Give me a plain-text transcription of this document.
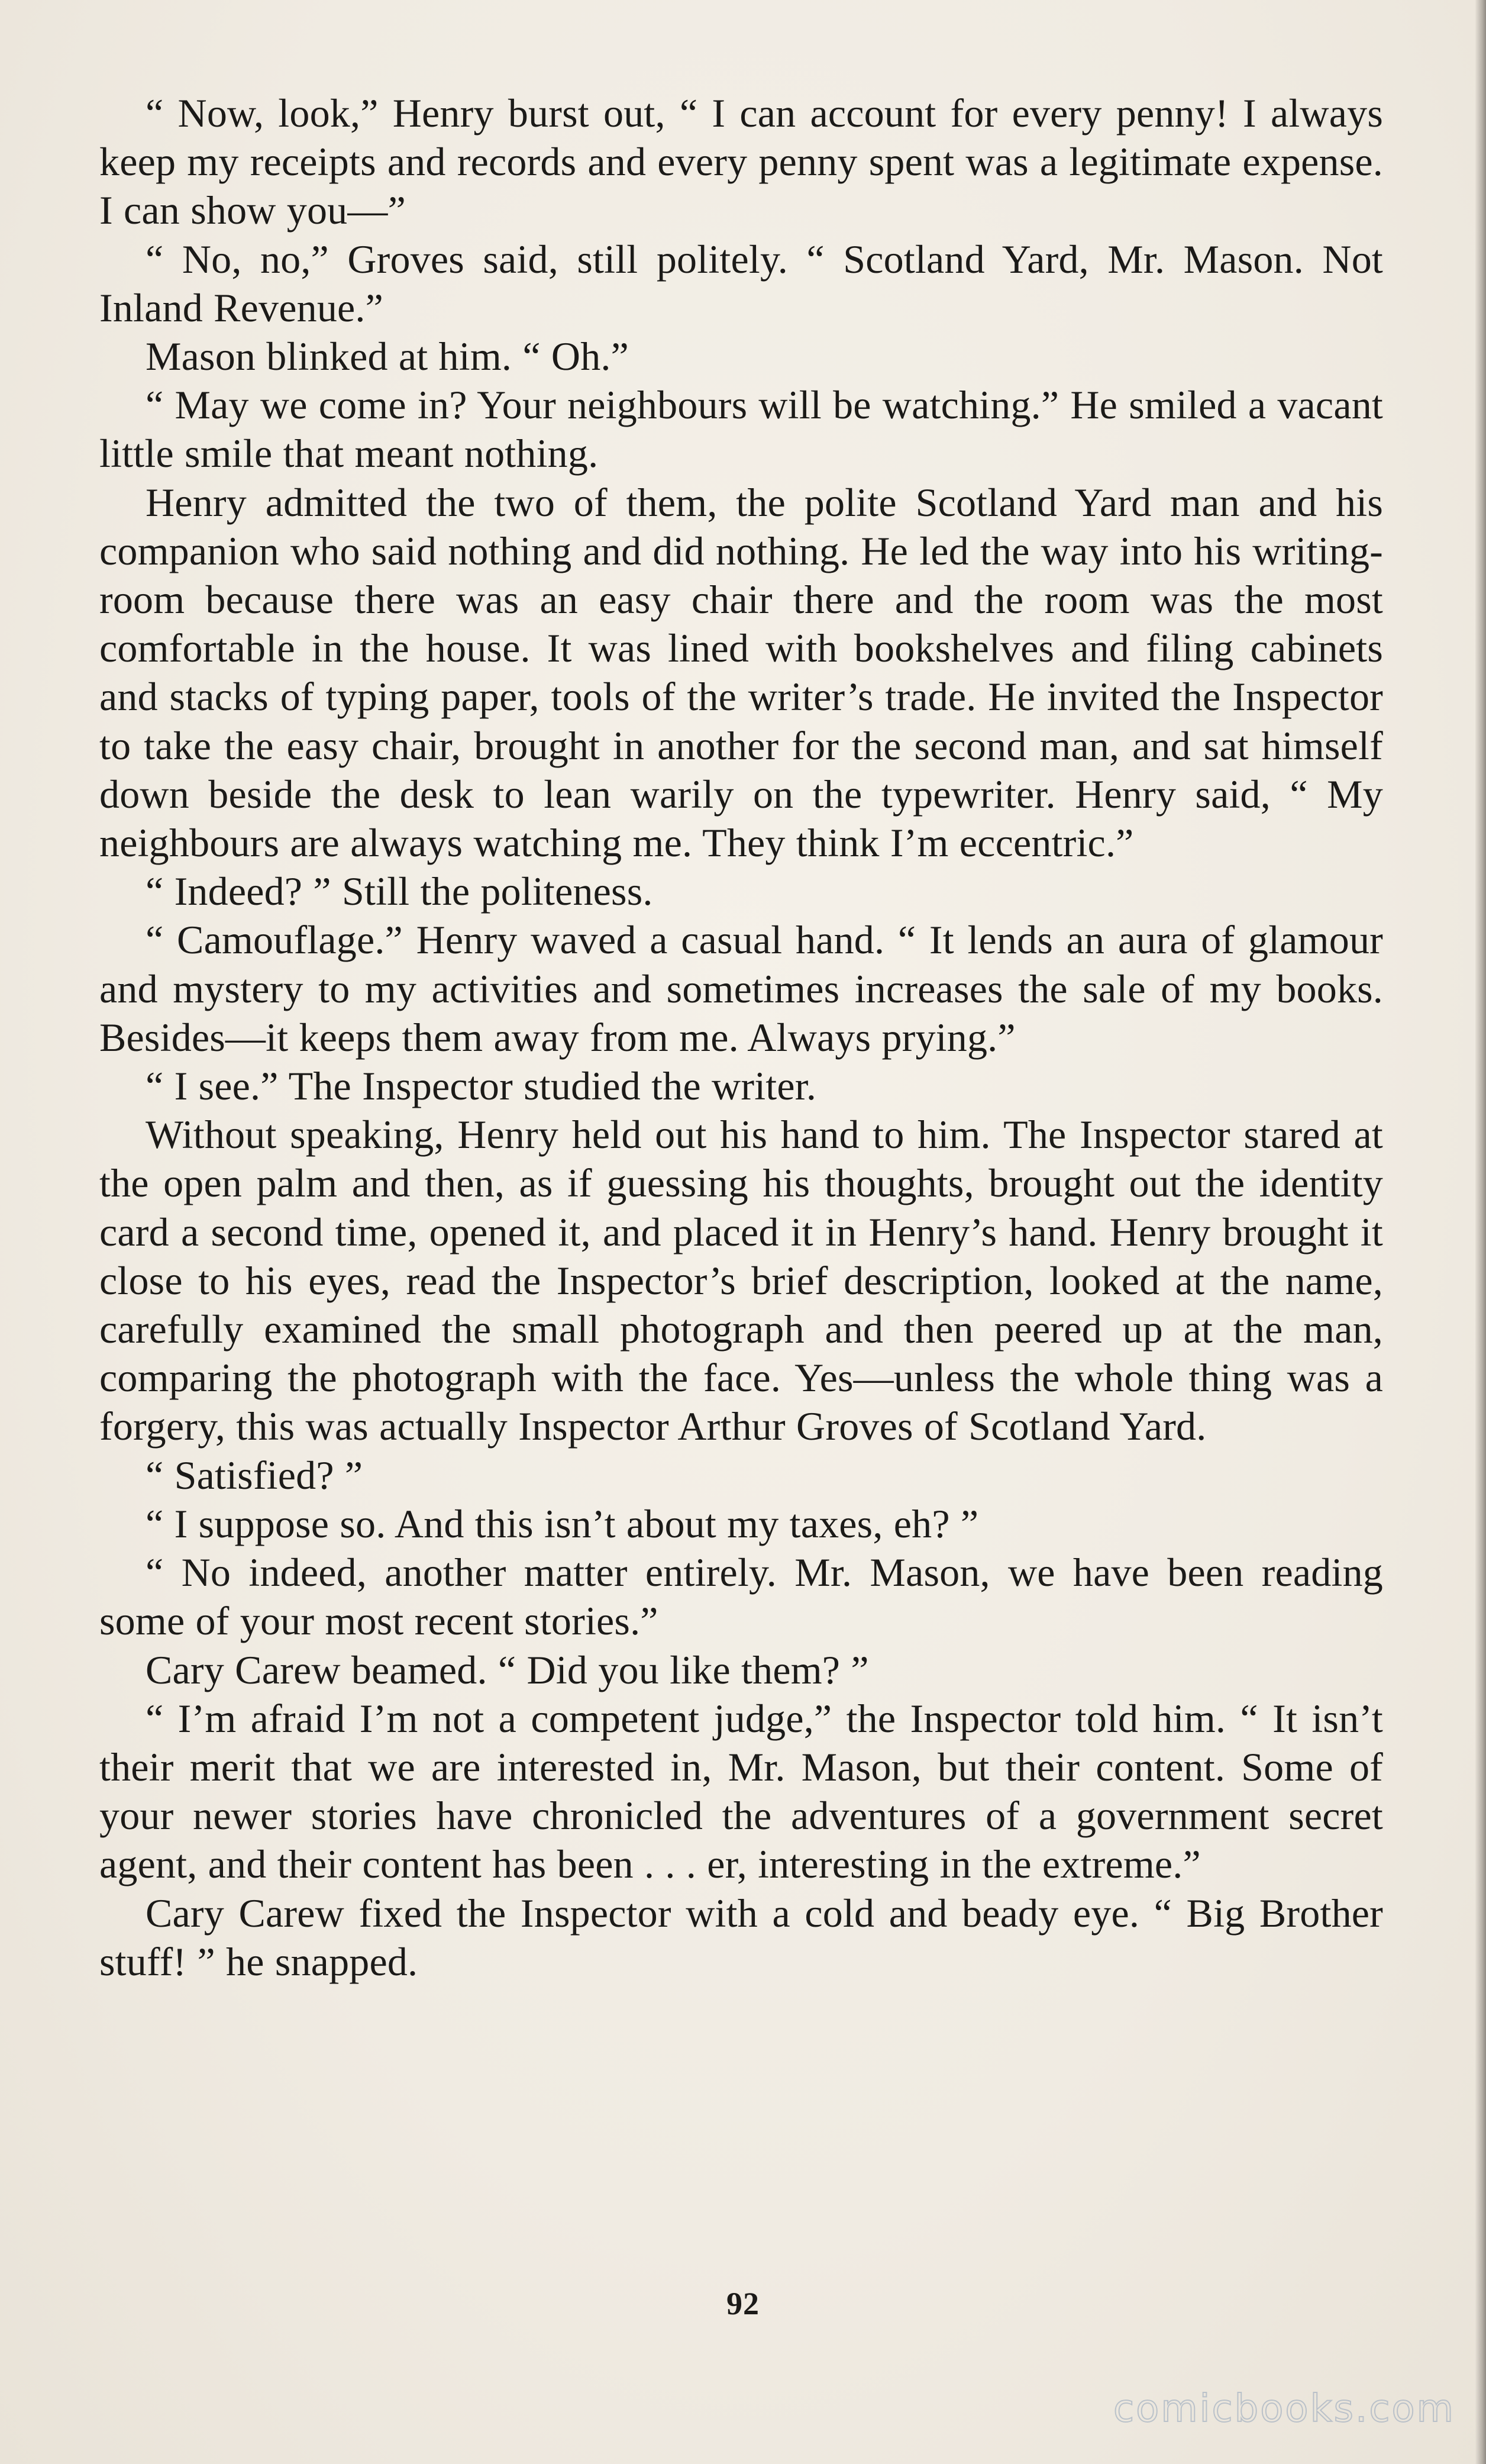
“ Now, look,” Henry burst out, “ I can account for every penny! I always keep my receipts and records and every penny spent was a legitimate expense. I can show you—”

“ No, no,” Groves said, still politely. “ Scotland Yard, Mr. Mason. Not Inland Revenue.”

Mason blinked at him. “ Oh.”

“ May we come in? Your neighbours will be watching.” He smiled a vacant little smile that meant nothing.

Henry admitted the two of them, the polite Scotland Yard man and his companion who said nothing and did nothing. He led the way into his writing-room because there was an easy chair there and the room was the most comfortable in the house. It was lined with bookshelves and filing cabinets and stacks of typing paper, tools of the writer’s trade. He invited the Inspector to take the easy chair, brought in another for the second man, and sat himself down beside the desk to lean warily on the typewriter. Henry said, “ My neighbours are always watching me. They think I’m eccentric.”

“ Indeed? ” Still the politeness.

“ Camouflage.” Henry waved a casual hand. “ It lends an aura of glamour and mystery to my activities and sometimes increases the sale of my books. Besides—it keeps them away from me. Always prying.”

“ I see.” The Inspector studied the writer.

Without speaking, Henry held out his hand to him. The Inspector stared at the open palm and then, as if guessing his thoughts, brought out the identity card a second time, opened it, and placed it in Henry’s hand. Henry brought it close to his eyes, read the Inspector’s brief description, looked at the name, carefully examined the small photograph and then peered up at the man, comparing the photograph with the face. Yes—unless the whole thing was a forgery, this was actually Inspector Arthur Groves of Scotland Yard.

“ Satisfied? ”

“ I suppose so. And this isn’t about my taxes, eh? ”

“ No indeed, another matter entirely. Mr. Mason, we have been reading some of your most recent stories.”

Cary Carew beamed. “ Did you like them? ”

“ I’m afraid I’m not a competent judge,” the Inspector told him. “ It isn’t their merit that we are interested in, Mr. Mason, but their content. Some of your newer stories have chronicled the adventures of a government secret agent, and their content has been . . . er, interesting in the extreme.”

Cary Carew fixed the Inspector with a cold and beady eye. “ Big Brother stuff! ” he snapped.

92
comicbooks.com
